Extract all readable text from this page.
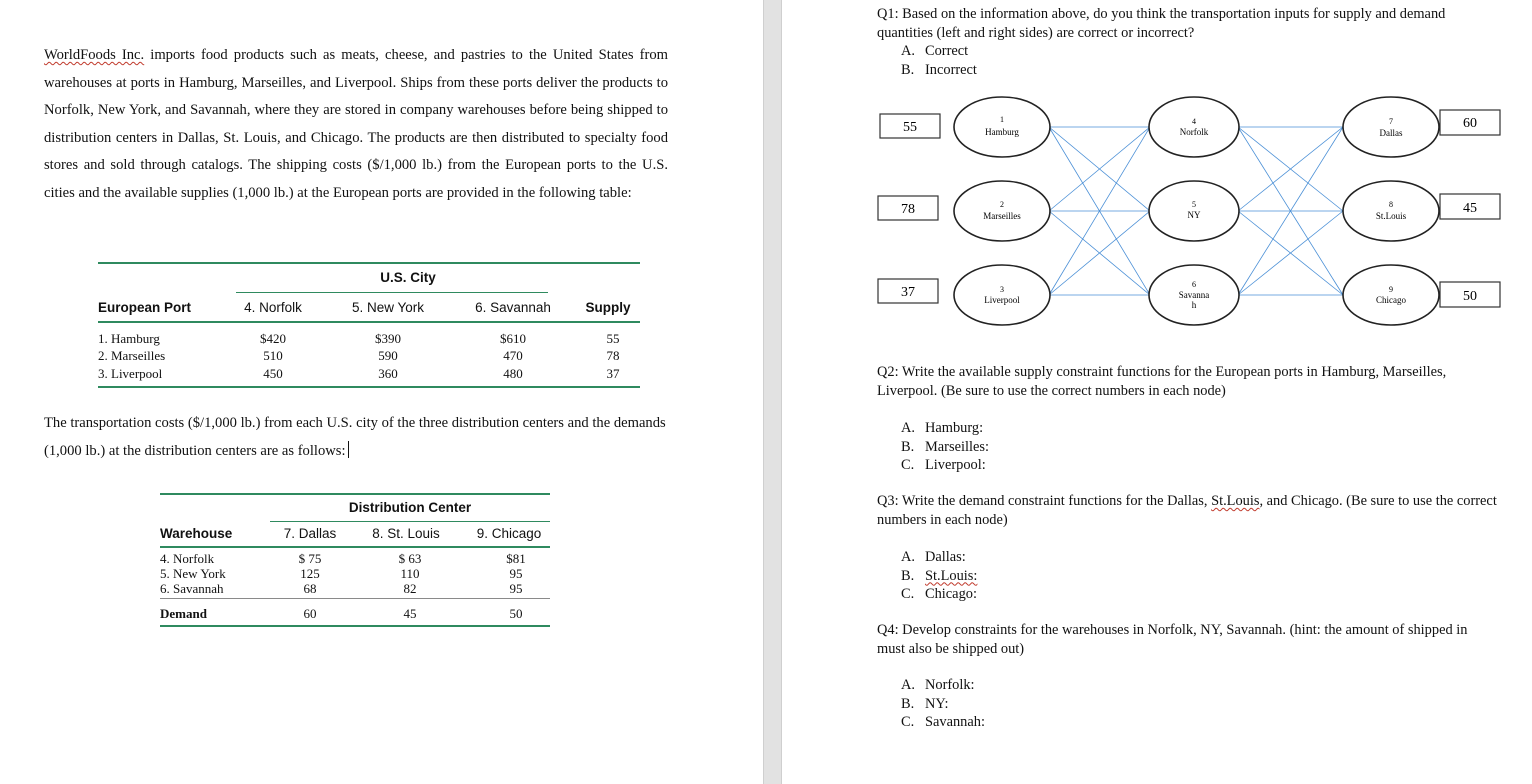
WorldFoods Inc. imports food products such as meats, cheese, and pastries to the United States from warehouses at ports in Hamburg, Marseilles, and Liverpool. Ships from these ports deliver the products to Norfolk, New York, and Savannah, where they are stored in company warehouses before being shipped to distribution centers in Dallas, St. Louis, and Chicago. The products are then distributed to specialty food stores and sold through catalogs. The shipping costs ($/1,000 lb.) from the European ports to the U.S. cities and the available supplies (1,000 lb.) at the European ports are provided in the following table:

U.S. City
European Port	4. Norfolk	5. New York	6. Savannah	Supply
1. Hamburg	$420	$390	$610	55
2. Marseilles	510	590	470	78
3. Liverpool	450	360	480	37

The transportation costs ($/1,000 lb.) from each U.S. city of the three distribution centers and the demands (1,000 lb.) at the distribution centers are as follows:

Distribution Center
Warehouse	7. Dallas	8. St. Louis	9. Chicago
4. Norfolk	$ 75	$ 63	$81
5. New York	125	110	95
6. Savannah	68	82	95
Demand	60	45	50

Q1: Based on the information above, do you think the transportation inputs for supply and demand quantities (left and right sides) are correct or incorrect?

A. Correct
B. Incorrect
55
78
37
60
45
50
1
Hamburg
2
Marseilles
3
Liverpool
4
Norfolk
5
NY
6
Savanna
h
7
Dallas
8
St.Louis
9
Chicago

Q2: Write the available supply constraint functions for the European ports in Hamburg, Marseilles, Liverpool. (Be sure to use the correct numbers in each node)

A. Hamburg:
B. Marseilles:
C. Liverpool:

Q3: Write the demand constraint functions for the Dallas, St.Louis, and Chicago. (Be sure to use the correct numbers in each node)

A. Dallas:
B. St.Louis:
C. Chicago:

Q4: Develop constraints for the warehouses in Norfolk, NY, Savannah. (hint: the amount of shipped in must also be shipped out)

A. Norfolk:
B. NY:
C. Savannah:
